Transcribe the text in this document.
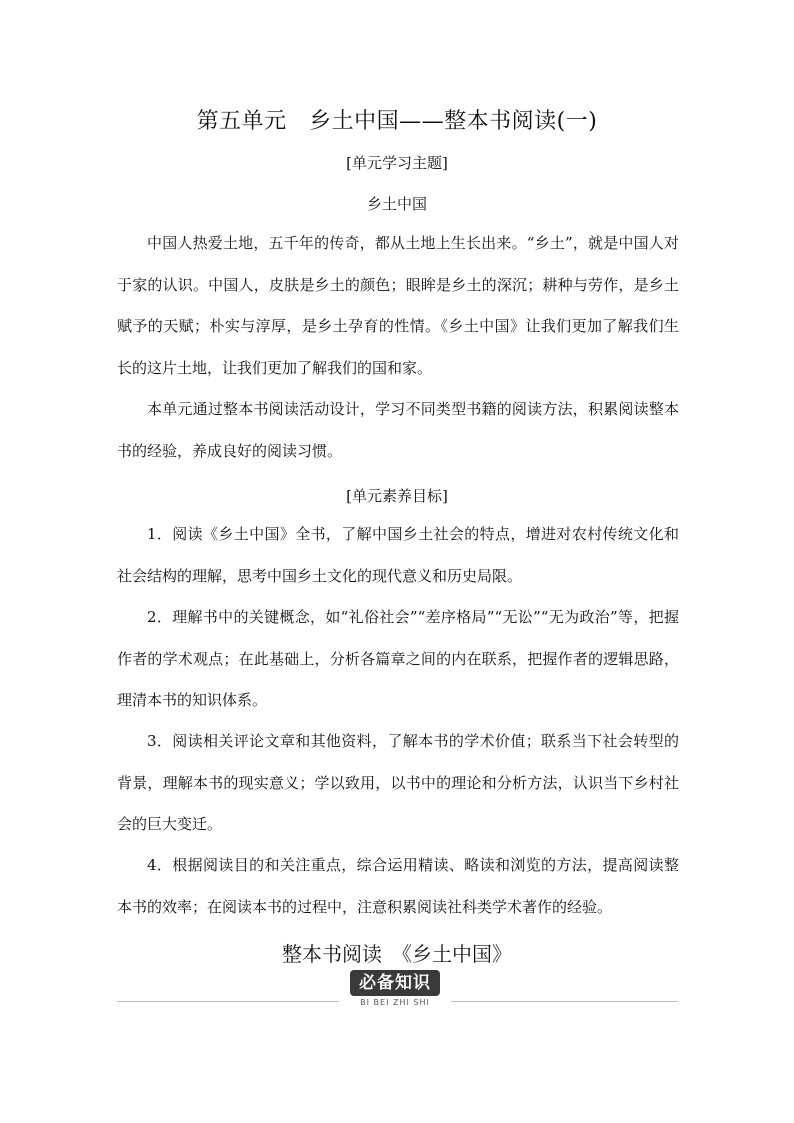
第五单元　乡土中国——整本书阅读(一)
[单元学习主题]
乡土中国

中国人热爱土地，五千年的传奇，都从土地上生长出来。“乡土”，就是中国人对于家的认识。中国人，皮肤是乡土的颜色；眼眸是乡土的深沉；耕种与劳作，是乡土赋予的天赋；朴实与淳厚，是乡土孕育的性情。《乡土中国》让我们更加了解我们生长的这片土地，让我们更加了解我们的国和家。

本单元通过整本书阅读活动设计，学习不同类型书籍的阅读方法，积累阅读整本书的经验，养成良好的阅读习惯。

[单元素养目标]

1．阅读《乡土中国》全书，了解中国乡土社会的特点，增进对农村传统文化和社会结构的理解，思考中国乡土文化的现代意义和历史局限。

2．理解书中的关键概念，如“礼俗社会”“差序格局”“无讼”“无为政治”等，把握作者的学术观点；在此基础上，分析各篇章之间的内在联系，把握作者的逻辑思路，理清本书的知识体系。

3．阅读相关评论文章和其他资料，了解本书的学术价值；联系当下社会转型的背景，理解本书的现实意义；学以致用，以书中的理论和分析方法，认识当下乡村社会的巨大变迁。

4．根据阅读目的和关注重点，综合运用精读、略读和浏览的方法，提高阅读整本书的效率；在阅读本书的过程中，注意积累阅读社科类学术著作的经验。

整本书阅读　《乡土中国》
必备知识
BI BEI ZHI SHI
